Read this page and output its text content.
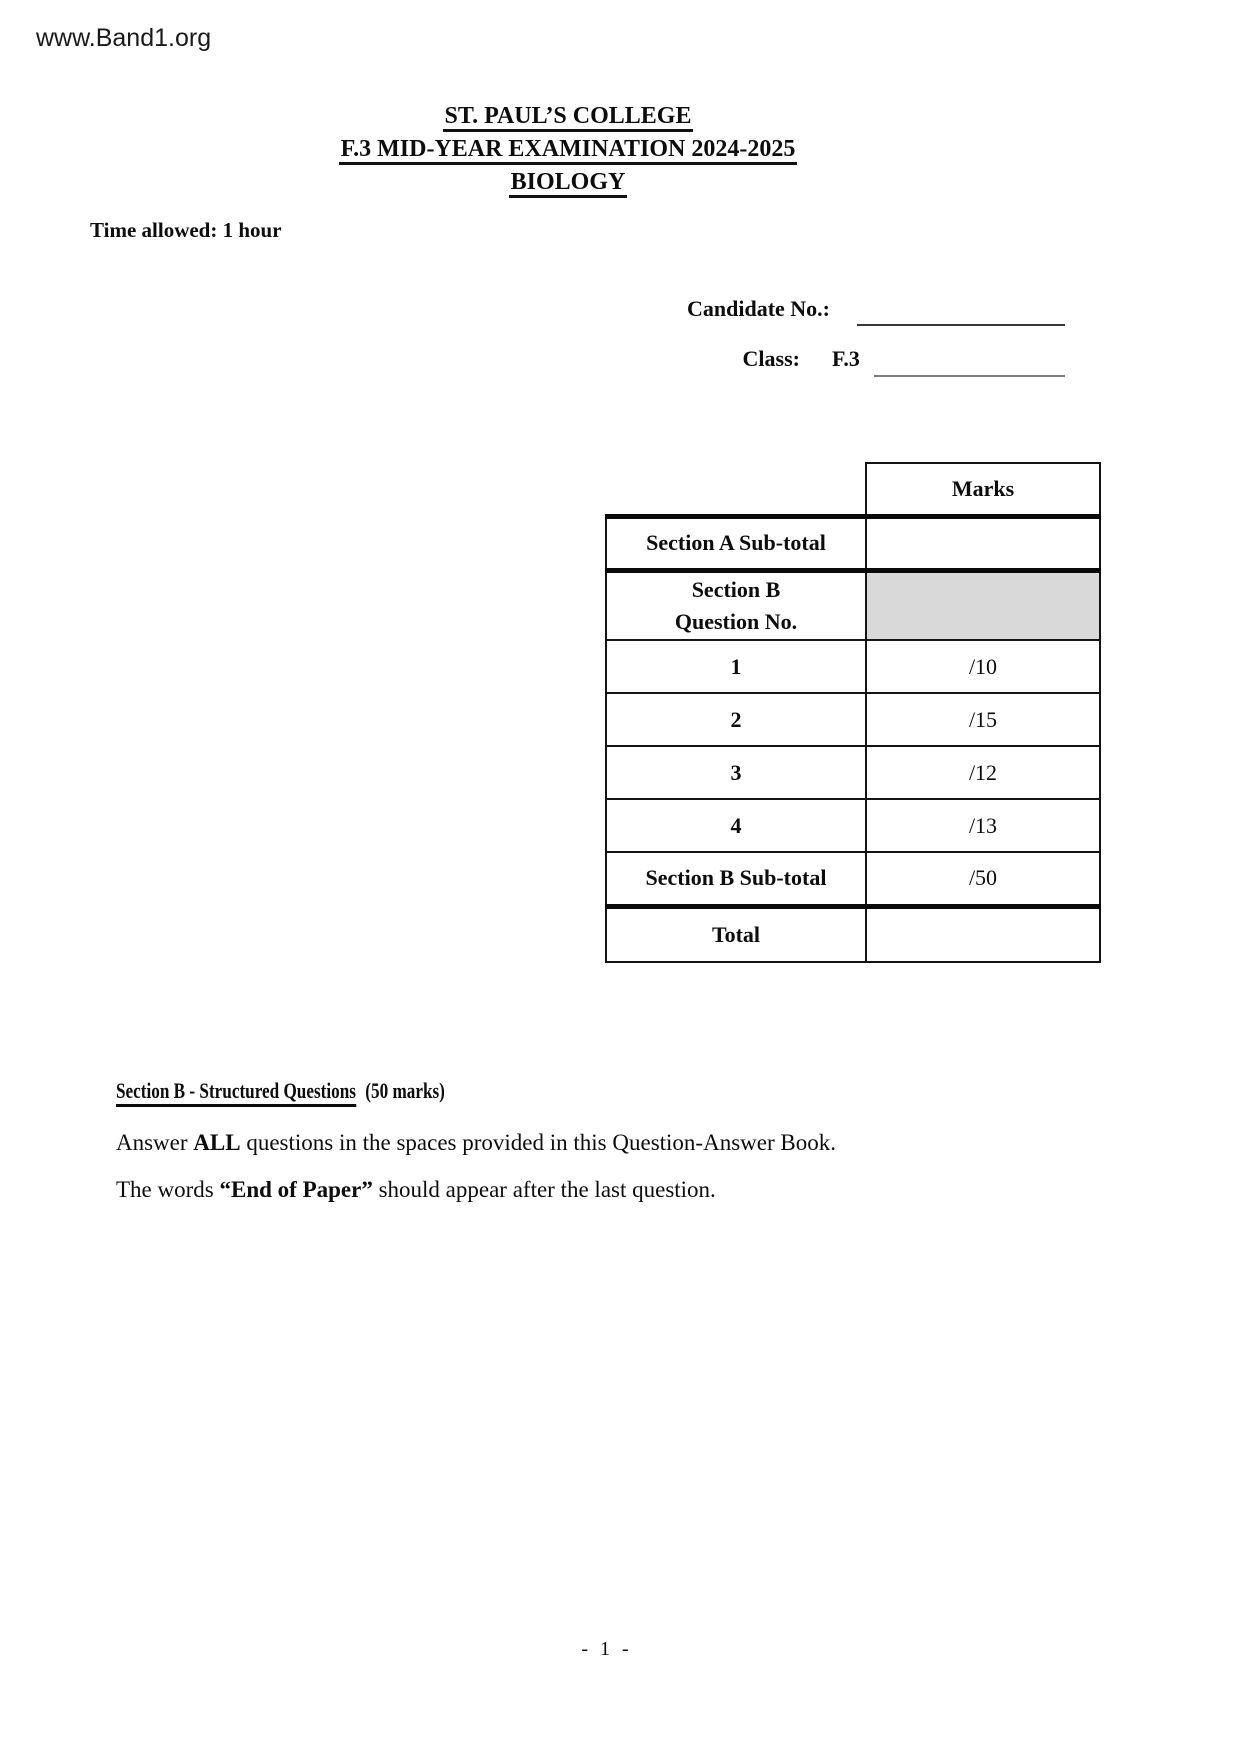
www.Band1.org
ST. PAUL’S COLLEGE
F.3 MID-YEAR EXAMINATION 2024-2025
BIOLOGY
Time allowed: 1 hour
Candidate No.:
Class: F.3
	Marks
Section A Sub-total	

Section B
Question No.	

1	/10
2	/15
3	/12
4	/13
Section B Sub-total	/50
Total	
Section B - Structured Questions (50 marks)
Answer ALL questions in the spaces provided in this Question-Answer Book.
The words “End of Paper” should appear after the last question.
- 1 -
